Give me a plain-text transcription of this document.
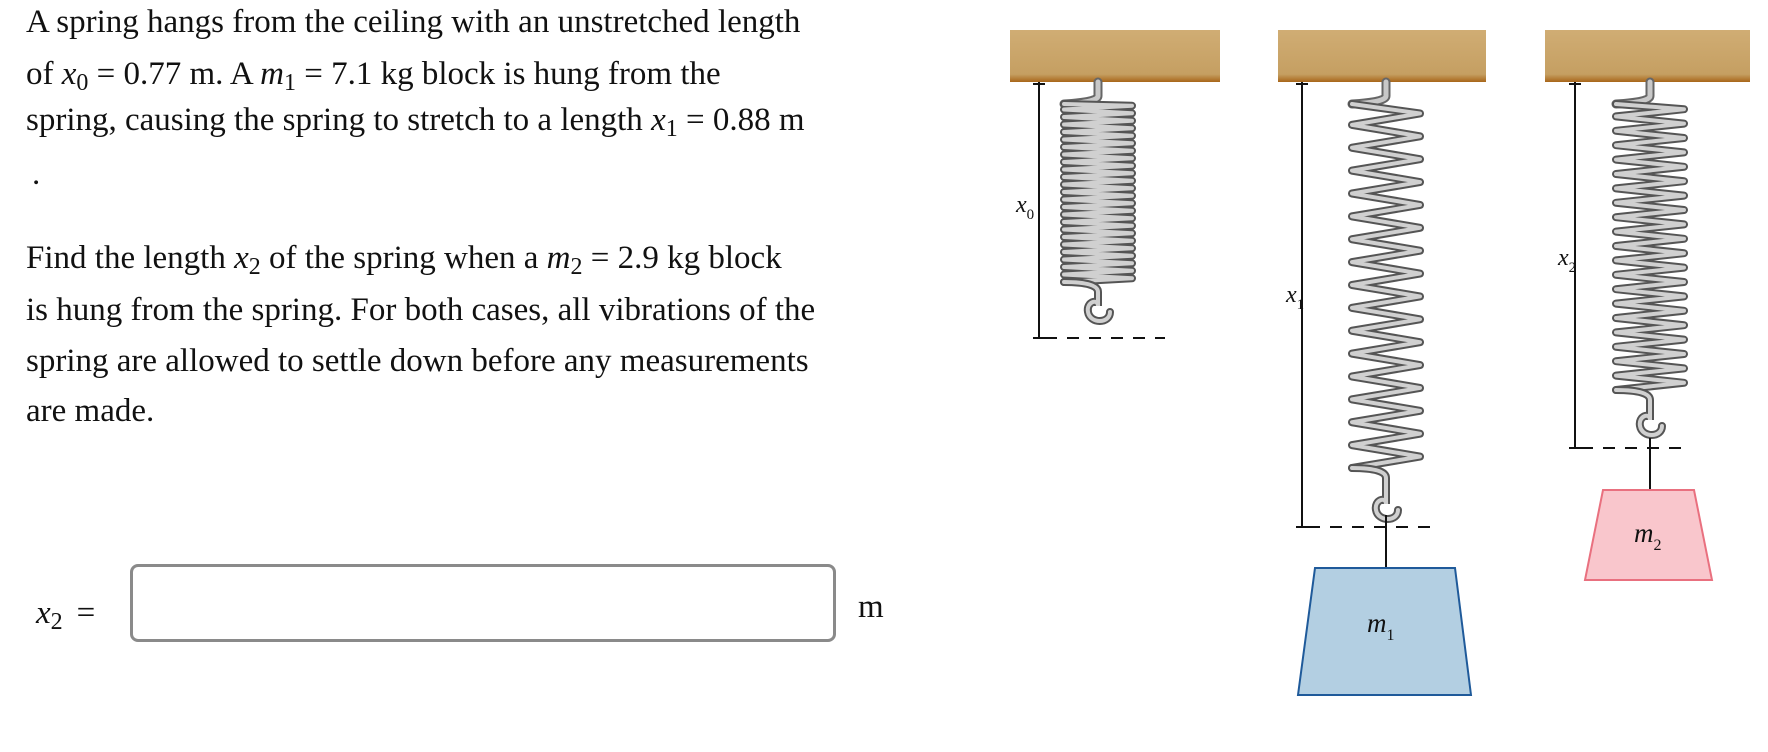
A spring hangs from the ceiling with an unstretched length
of x0 = 0.77 m. A m1 = 7.1 kg block is hung from the
spring, causing the spring to stretch to a length x1 = 0.88 m
.
Find the length x2 of the spring when a m2 = 2.9 kg block
is hung from the spring. For both cases, all vibrations of the
spring are allowed to settle down before any measurements
are made.
x2 =	m
$x_0$
$x_1$
$x_2$
$m_1$
$m_2$
